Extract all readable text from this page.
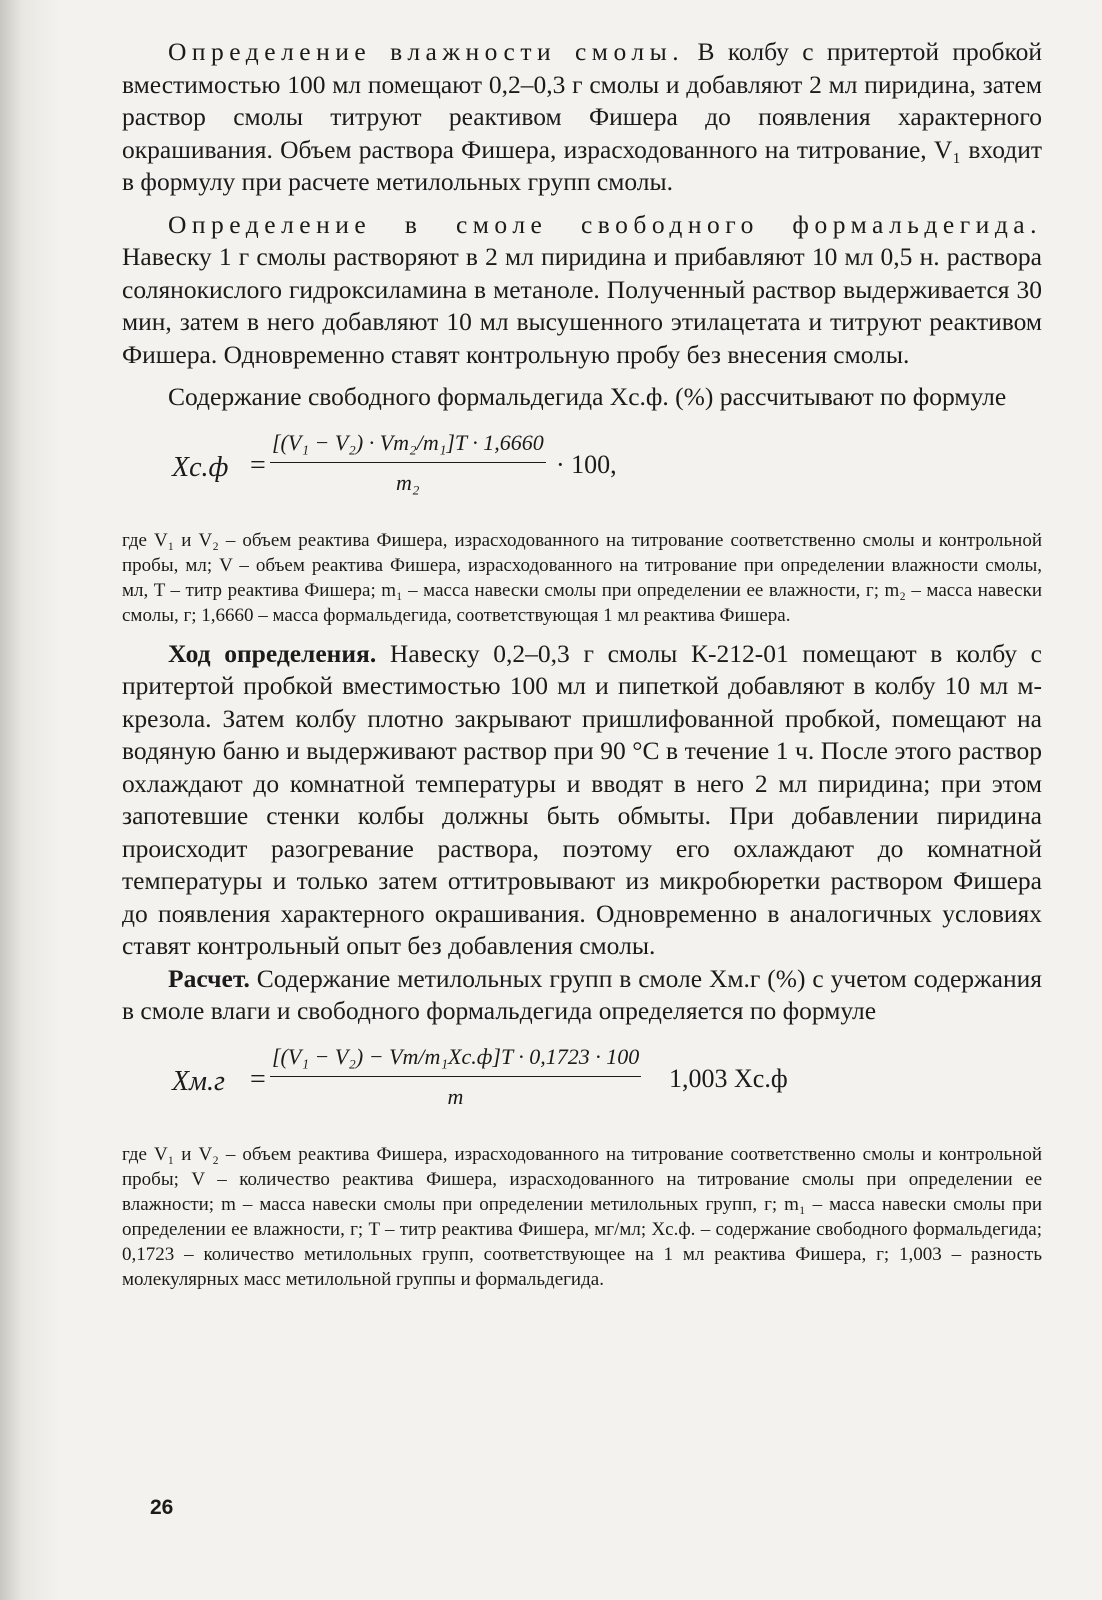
Определение влажности смолы. В колбу с притертой пробкой вместимостью 100 мл помещают 0,2–0,3 г смолы и добавляют 2 мл пиридина, затем раствор смолы титруют реактивом Фишера до появления характерного окрашивания. Объем раствора Фишера, израсходованного на титрование, V₁ входит в формулу при расчете метилольных групп смолы.

Определение в смоле свободного формальдегида. Навеску 1 г смолы растворяют в 2 мл пиридина и прибавляют 10 мл 0,5 н. раствора солянокислого гидроксиламина в метаноле. Полученный раствор выдерживается 30 мин, затем в него добавляют 10 мл высушенного этилацетата и титруют реактивом Фишера. Одновременно ставят контрольную пробу без внесения смолы.

Содержание свободного формальдегида Xс.ф. (%) рассчитывают по формуле

Xс.ф =
[(V₁ − V₂) · Vm₂/m₁]T · 1,6660
m₂
· 100,

где V₁ и V₂ – объем реактива Фишера, израсходованного на титрование соответственно смолы и контрольной пробы, мл; V – объем реактива Фишера, израсходованного на титрование при определении влажности смолы, мл, T – титр реактива Фишера; m₁ – масса навески смолы при определении ее влажности, г; m₂ – масса навески смолы, г; 1,6660 – масса формальдегида, соответствующая 1 мл реактива Фишера.

Ход определения. Навеску 0,2–0,3 г смолы К-212-01 помещают в колбу с притертой пробкой вместимостью 100 мл и пипеткой добавляют в колбу 10 мл м-крезола. Затем колбу плотно закрывают пришлифованной пробкой, помещают на водяную баню и выдерживают раствор при 90 °С в течение 1 ч. После этого раствор охлаждают до комнатной температуры и вводят в него 2 мл пиридина; при этом запотевшие стенки колбы должны быть обмыты. При добавлении пиридина происходит разогревание раствора, поэтому его охлаждают до комнатной температуры и только затем оттитровывают из микробюретки раствором Фишера до появления характерного окрашивания. Одновременно в аналогичных условиях ставят контрольный опыт без добавления смолы.

Расчет. Содержание метилольных групп в смоле Xм.г (%) с учетом содержания в смоле влаги и свободного формальдегида определяется по формуле

Xм.г =
[(V₁ − V₂) − Vm/m₁Xс.ф]T · 0,1723 · 100
m
1,003 Xс.ф

где V₁ и V₂ – объем реактива Фишера, израсходованного на титрование соответственно смолы и контрольной пробы; V – количество реактива Фишера, израсходованного на титрование смолы при определении ее влажности; m – масса навески смолы при определении метилольных групп, г; m₁ – масса навески смолы при определении ее влажности, г; T – титр реактива Фишера, мг/мл; Xс.ф. – содержание свободного формальдегида; 0,1723 – количество метилольных групп, соответствующее на 1 мл реактива Фишера, г; 1,003 – разность молекулярных масс метилольной группы и формальдегида.

26
